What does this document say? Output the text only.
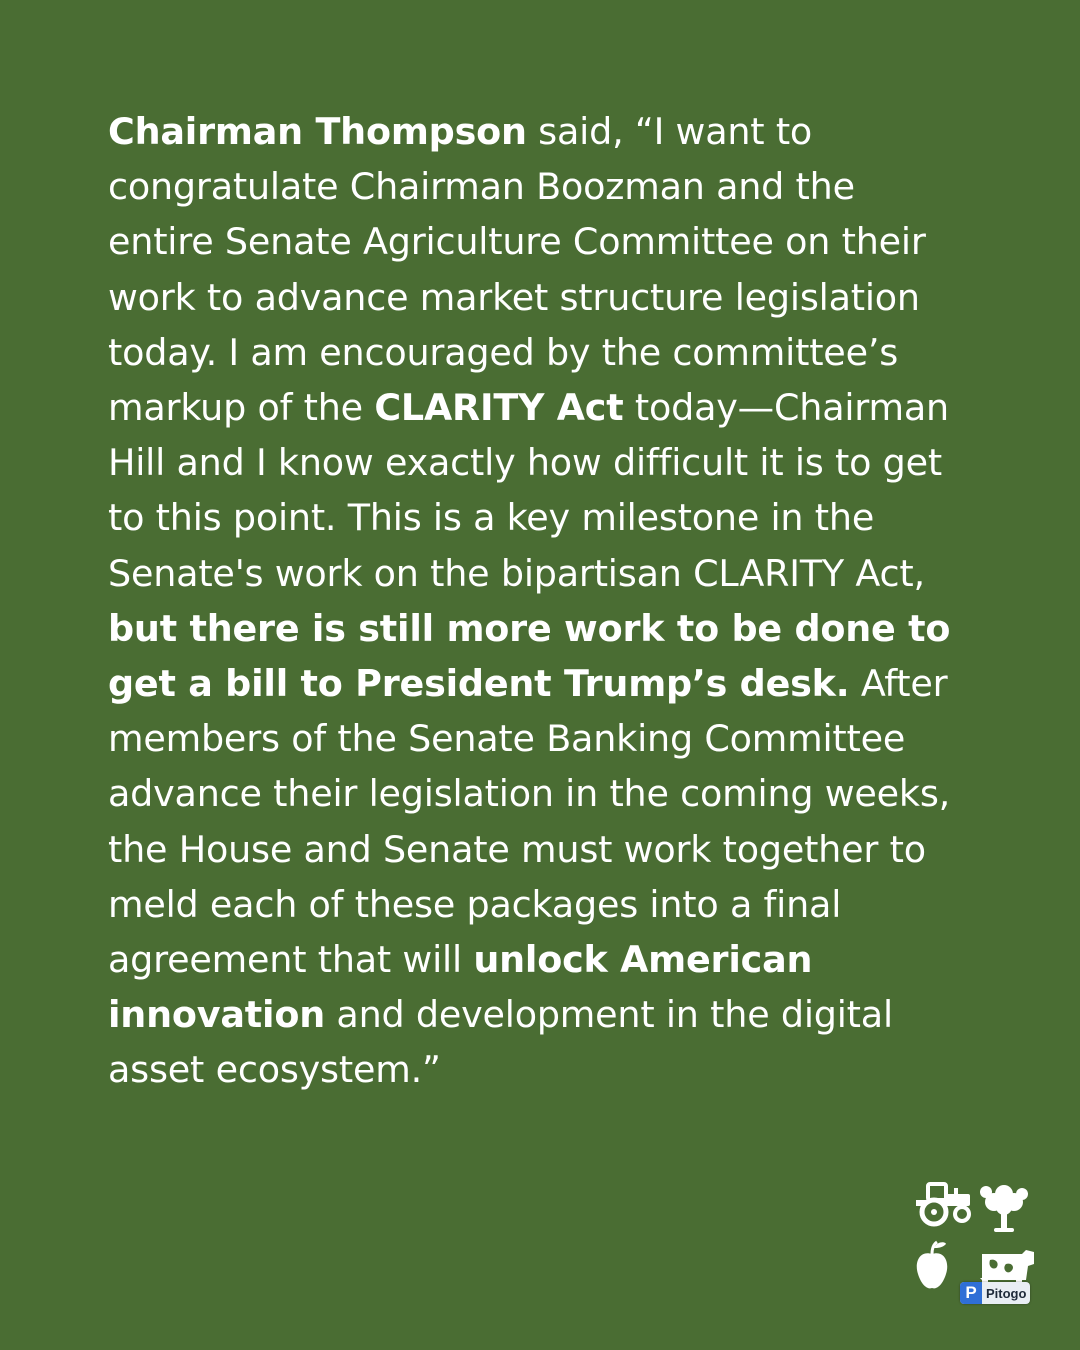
Chairman Thompson said, “I want to congratulate Chairman Boozman and the entire Senate Agriculture Committee on their work to advance market structure legislation today. I am encouraged by the committee’s markup of the CLARITY Act today—Chairman Hill and I know exactly how difficult it is to get to this point. This is a key milestone in the Senate's work on the bipartisan CLARITY Act, but there is still more work to be done to get a bill to President Trump’s desk. After members of the Senate Banking Committee advance their legislation in the coming weeks, the House and Senate must work together to meld each of these packages into a final agreement that will unlock American innovation and development in the digital asset ecosystem.”

P Pitogo
